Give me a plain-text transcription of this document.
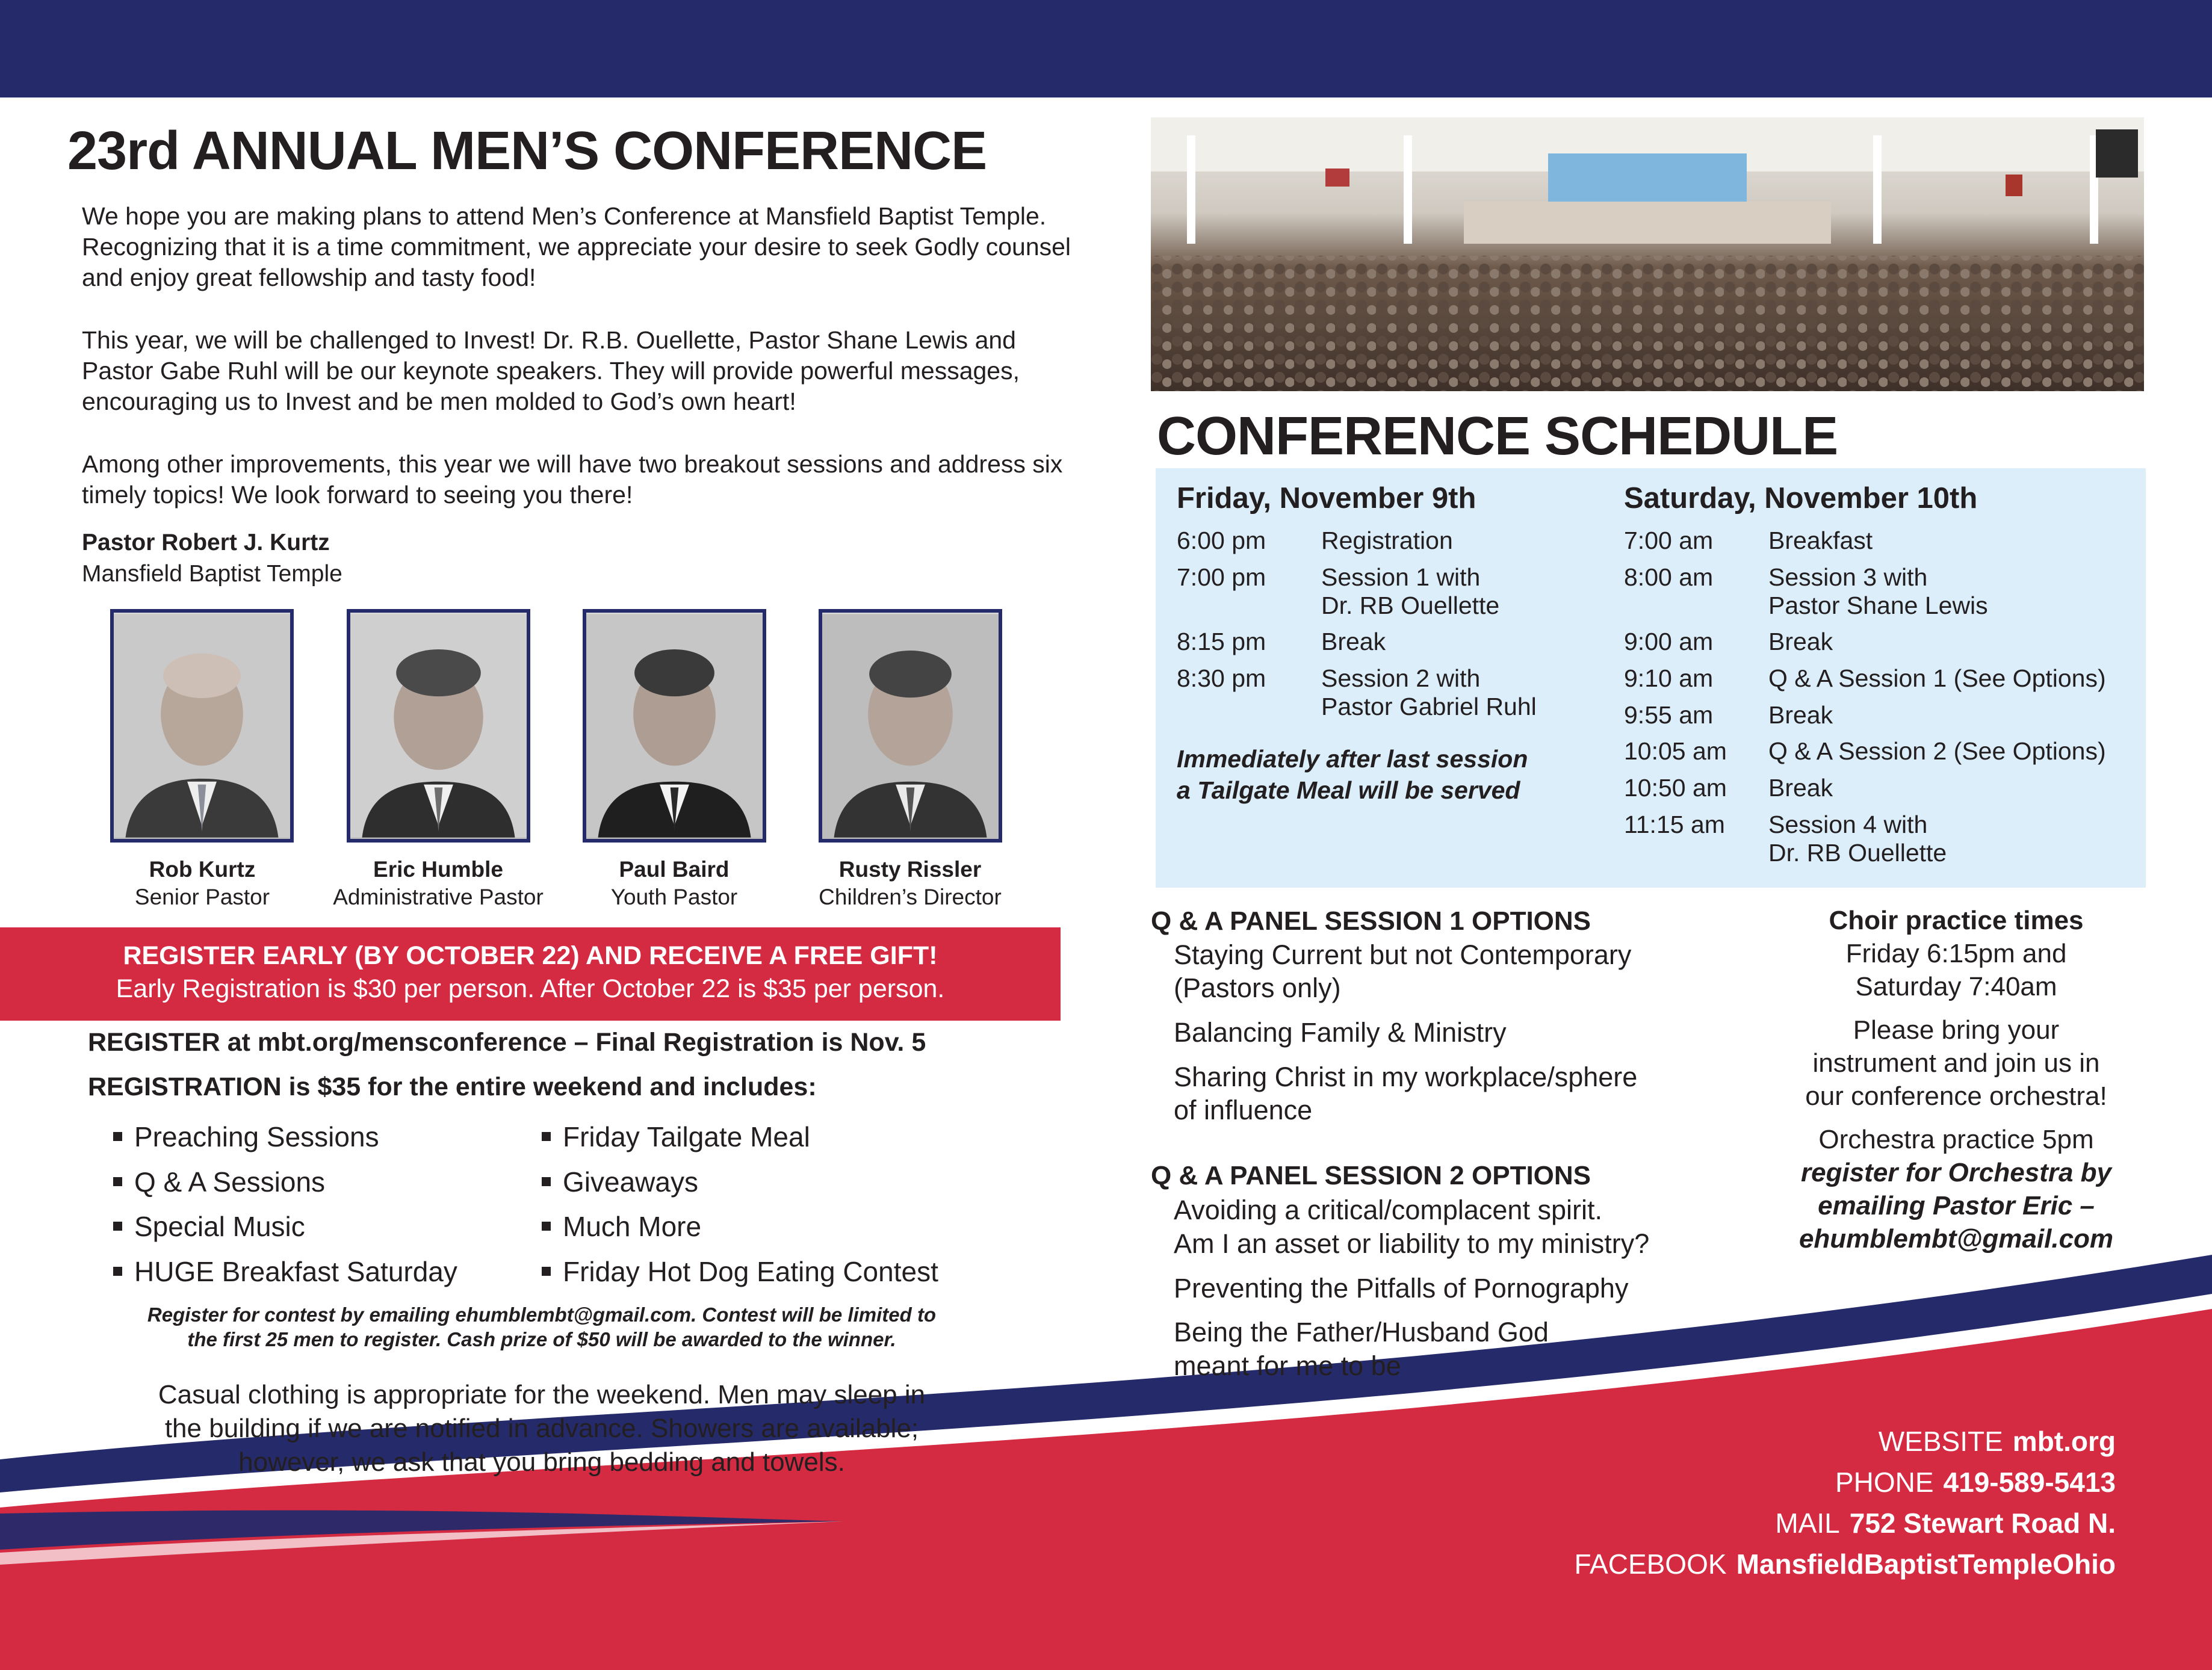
23rd ANNUAL MEN’S CONFERENCE

We hope you are making plans to attend Men’s Conference at Mansfield Baptist Temple. Recognizing that it is a time commitment, we appreciate your desire to seek Godly counsel and enjoy great fellowship and tasty food!

This year, we will be challenged to Invest! Dr. R.B. Ouellette, Pastor Shane Lewis and Pastor Gabe Ruhl will be our keynote speakers. They will provide powerful messages, encouraging us to Invest and be men molded to God’s own heart!

Among other improvements, this year we will have two breakout sessions and address six timely topics! We look forward to seeing you there!

Pastor Robert J. Kurtz
Mansfield Baptist Temple
Rob Kurtz
Senior Pastor
Eric Humble
Administrative Pastor
Paul Baird
Youth Pastor
Rusty Rissler
Children’s Director
REGISTER EARLY (BY OCTOBER 22) AND RECEIVE A FREE GIFT!
Early Registration is $30 per person. After October 22 is $35 per person.
REGISTER at mbt.org/mensconference – Final Registration is Nov. 5
REGISTRATION is $35 for the entire weekend and includes:
Preaching Sessions
Q & A Sessions
Special Music
HUGE Breakfast Saturday
Friday Tailgate Meal
Giveaways
Much More
Friday Hot Dog Eating Contest
Register for contest by emailing ehumblembt@gmail.com. Contest will be limited to
the first 25 men to register. Cash prize of $50 will be awarded to the winner.
Casual clothing is appropriate for the weekend. Men may sleep in
the building if we are notified in advance. Showers are available;
however, we ask that you bring bedding and towels.
CONFERENCE SCHEDULE
Friday, November 9th
6:00 pm Registration
7:00 pm Session 1 with
Dr. RB Ouellette
8:15 pm Break
8:30 pm Session 2 with
Pastor Gabriel Ruhl
Immediately after last session
a Tailgate Meal will be served
Saturday, November 10th
7:00 am Breakfast
8:00 am Session 3 with
Pastor Shane Lewis
9:00 am Break
9:10 am Q & A Session 1 (See Options)
9:55 am Break
10:05 am Q & A Session 2 (See Options)
10:50 am Break
11:15 am Session 4 with
Dr. RB Ouellette
Q & A PANEL SESSION 1 OPTIONS
Staying Current but not Contemporary
(Pastors only)
Balancing Family & Ministry
Sharing Christ in my workplace/sphere
of influence
Q & A PANEL SESSION 2 OPTIONS
Avoiding a critical/complacent spirit.
Am I an asset or liability to my ministry?
Preventing the Pitfalls of Pornography
Being the Father/Husband God
meant for me to be

Choir practice times

Friday 6:15pm and
Saturday 7:40am

Please bring your
instrument and join us in
our conference orchestra!

Orchestra practice 5pm
register for Orchestra by
emailing Pastor Eric –
ehumblembt@gmail.com

WEBSITE mbt.org
PHONE 419-589-5413
MAIL 752 Stewart Road N.
FACEBOOK MansfieldBaptistTempleOhio
